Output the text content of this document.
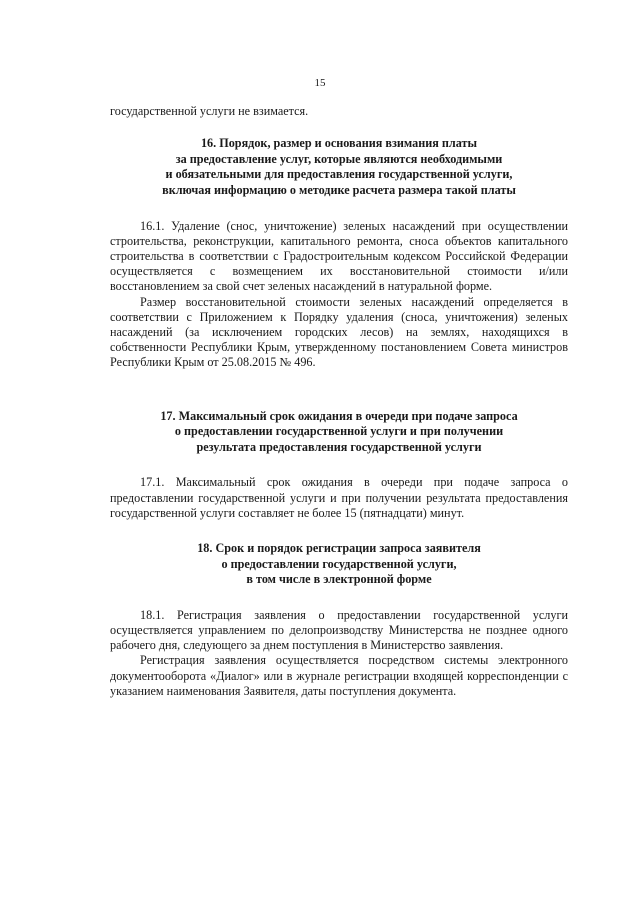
15

государственной услуги не взимается.

16. Порядок, размер и основания взимания платы
за предоставление услуг, которые являются необходимыми
и обязательными для предоставления государственной услуги,
включая информацию о методике расчета размера такой платы

16.1. Удаление (снос, уничтожение) зеленых насаждений при осуществлении строительства, реконструкции, капитального ремонта, сноса объектов капитального строительства в соответствии с Градостроительным кодексом Российской Федерации осуществляется с возмещением их восстановительной стоимости и/или восстановлением за свой счет зеленых насаждений в натуральной форме.

Размер восстановительной стоимости зеленых насаждений определяется в соответствии с Приложением к Порядку удаления (сноса, уничтожения) зеленых насаждений (за исключением городских лесов) на землях, находящихся в собственности Республики Крым, утвержденному постановлением Совета министров Республики Крым от 25.08.2015 № 496.

17. Максимальный срок ожидания в очереди при подаче запроса
о предоставлении государственной услуги и при получении
результата предоставления государственной услуги

17.1. Максимальный срок ожидания в очереди при подаче запроса о предоставлении государственной услуги и при получении результата предоставления государственной услуги составляет не более 15 (пятнадцати) минут.

18. Срок и порядок регистрации запроса заявителя
о предоставлении государственной услуги,
в том числе в электронной форме

18.1. Регистрация заявления о предоставлении государственной услуги осуществляется управлением по делопроизводству Министерства не позднее одного рабочего дня, следующего за днем поступления в Министерство заявления.

Регистрация заявления осуществляется посредством системы электронного документооборота «Диалог» или в журнале регистрации входящей корреспонденции с указанием наименования Заявителя, даты поступления документа.
